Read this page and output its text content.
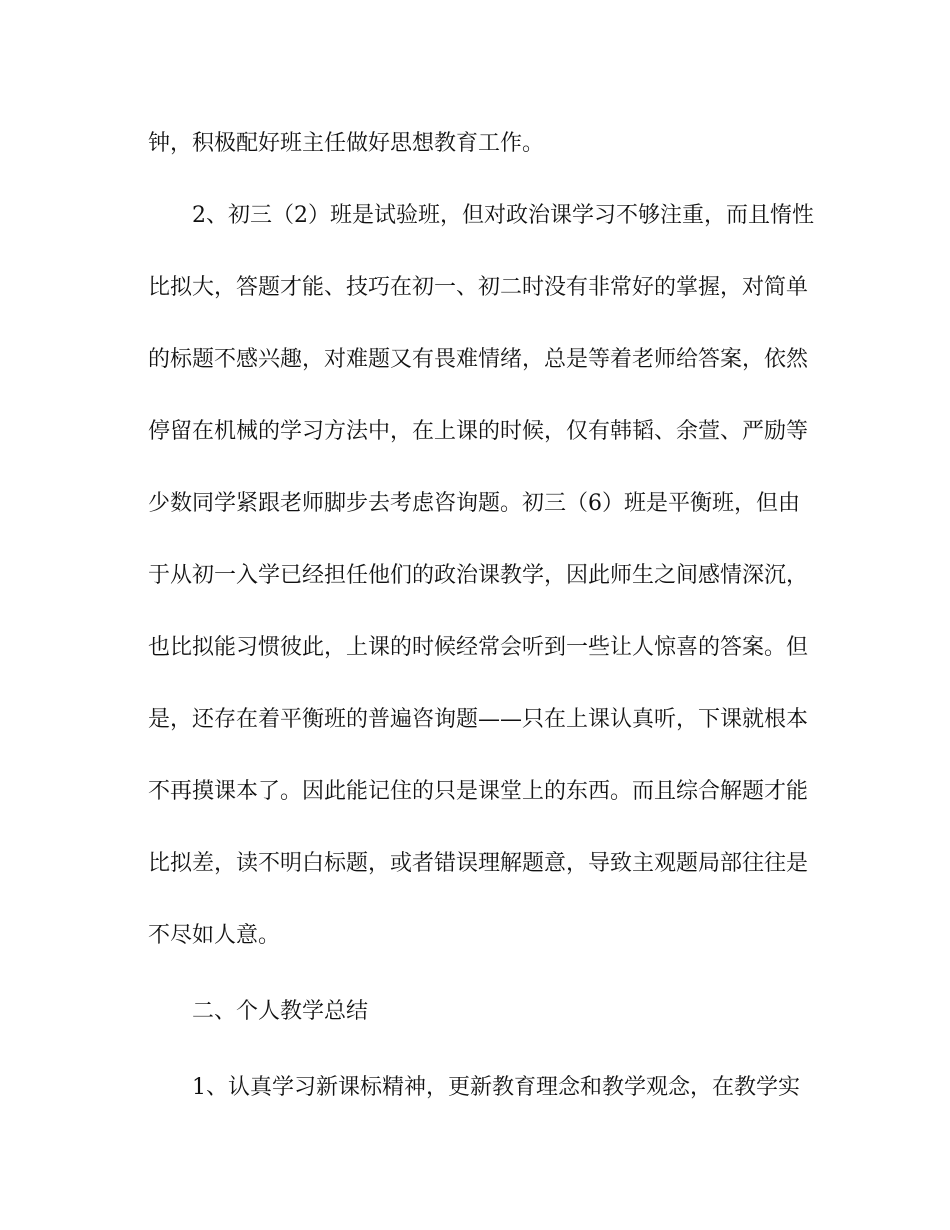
钟，积极配好班主任做好思想教育工作。
2、初三（2）班是试验班，但对政治课学习不够注重，而且惰性
比拟大，答题才能、技巧在初一、初二时没有非常好的掌握，对简单
的标题不感兴趣，对难题又有畏难情绪，总是等着老师给答案，依然
停留在机械的学习方法中，在上课的时候，仅有韩韬、余萱、严励等
少数同学紧跟老师脚步去考虑咨询题。初三（6）班是平衡班，但由
于从初一入学已经担任他们的政治课教学，因此师生之间感情深沉，
也比拟能习惯彼此，上课的时候经常会听到一些让人惊喜的答案。但
是，还存在着平衡班的普遍咨询题——只在上课认真听，下课就根本
不再摸课本了。因此能记住的只是课堂上的东西。而且综合解题才能
比拟差，读不明白标题，或者错误理解题意，导致主观题局部往往是
不尽如人意。
二、个人教学总结
1、认真学习新课标精神，更新教育理念和教学观念，在教学实
